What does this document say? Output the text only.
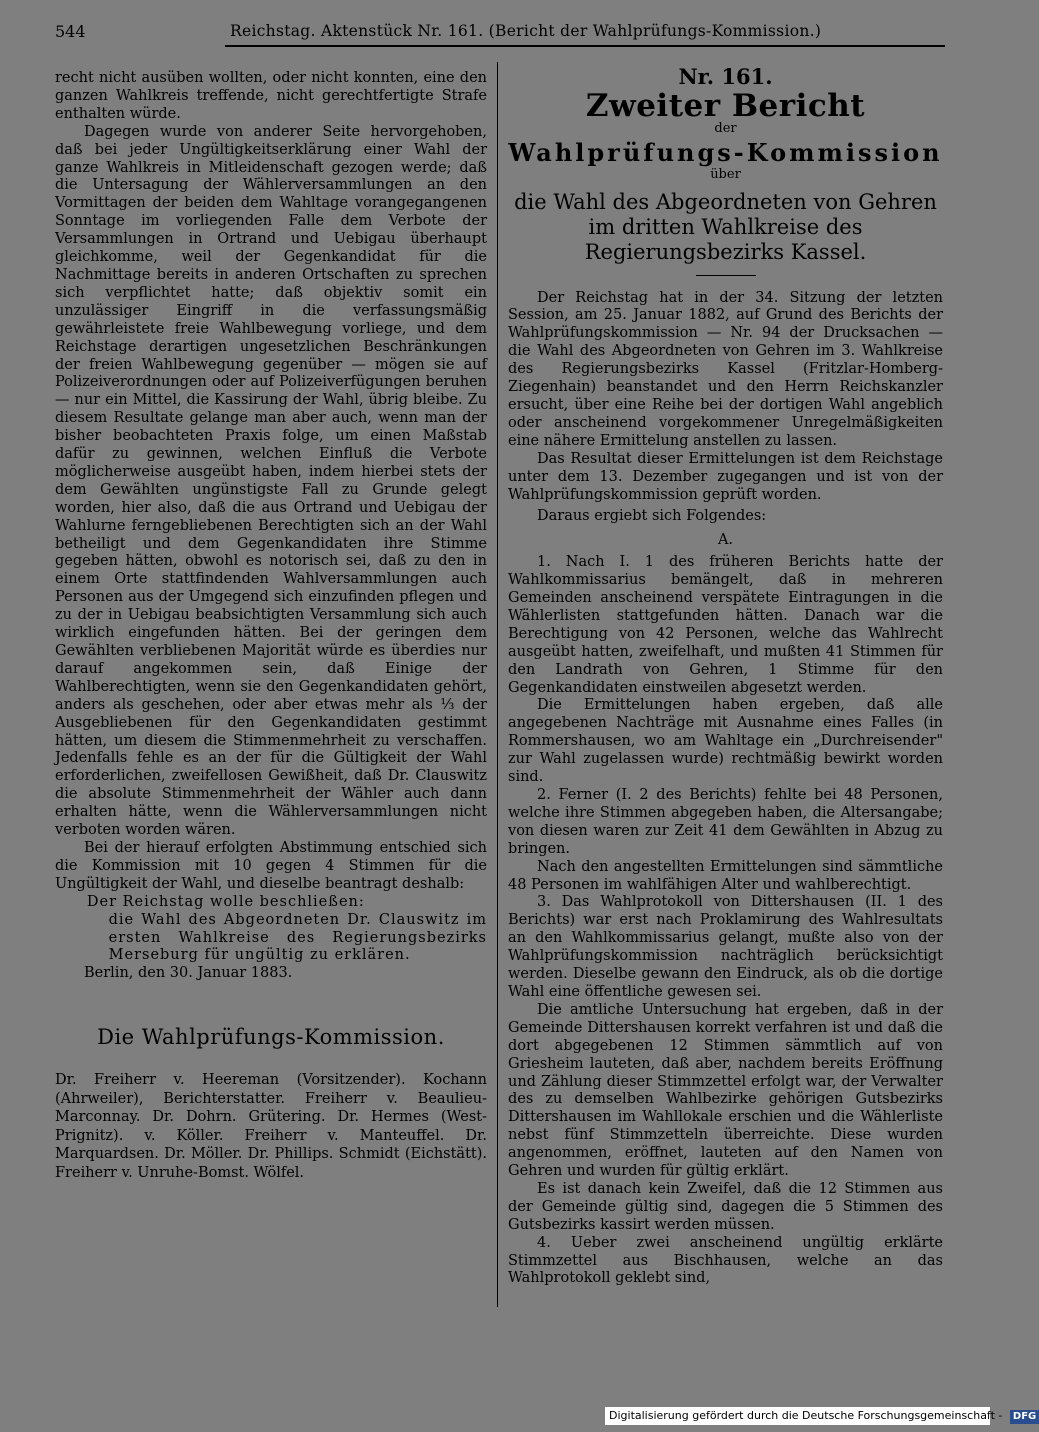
544	Reichstag. Aktenstück Nr. 161. (Bericht der Wahlprüfungs-Kommission.)

recht nicht ausüben wollten, oder nicht konnten, eine den ganzen Wahlkreis treffende, nicht gerechtfertigte Strafe enthalten würde.

Dagegen wurde von anderer Seite hervorgehoben, daß bei jeder Ungültigkeitserklärung einer Wahl der ganze Wahlkreis in Mitleidenschaft gezogen werde; daß die Untersagung der Wählerversammlungen an den Vormittagen der beiden dem Wahltage vorangegangenen Sonntage im vorliegenden Falle dem Verbote der Versammlungen in Ortrand und Uebigau überhaupt gleichkomme, weil der Gegenkandidat für die Nachmittage bereits in anderen Ortschaften zu sprechen sich verpflichtet hatte; daß objektiv somit ein unzulässiger Eingriff in die verfassungsmäßig gewährleistete freie Wahlbewegung vorliege, und dem Reichstage derartigen ungesetzlichen Beschränkungen der freien Wahlbewegung gegenüber — mögen sie auf Polizeiverordnungen oder auf Polizeiverfügungen beruhen — nur ein Mittel, die Kassirung der Wahl, übrig bleibe. Zu diesem Resultate gelange man aber auch, wenn man der bisher beobachteten Praxis folge, um einen Maßstab dafür zu gewinnen, welchen Einfluß die Verbote möglicherweise ausgeübt haben, indem hierbei stets der dem Gewählten ungünstigste Fall zu Grunde gelegt worden, hier also, daß die aus Ortrand und Uebigau der Wahlurne ferngebliebenen Berechtigten sich an der Wahl betheiligt und dem Gegenkandidaten ihre Stimme gegeben hätten, obwohl es notorisch sei, daß zu den in einem Orte stattfindenden Wahlversammlungen auch Personen aus der Umgegend sich einzufinden pflegen und zu der in Uebigau beabsichtigten Versammlung sich auch wirklich eingefunden hätten. Bei der geringen dem Gewählten verbliebenen Majorität würde es überdies nur darauf angekommen sein, daß Einige der Wahlberechtigten, wenn sie den Gegenkandidaten gehört, anders als geschehen, oder aber etwas mehr als ⅓ der Ausgebliebenen für den Gegenkandidaten gestimmt hätten, um diesem die Stimmenmehrheit zu verschaffen. Jedenfalls fehle es an der für die Gültigkeit der Wahl erforderlichen, zweifellosen Gewißheit, daß Dr. Clauswitz die absolute Stimmenmehrheit der Wähler auch dann erhalten hätte, wenn die Wählerversammlungen nicht verboten worden wären.

Bei der hierauf erfolgten Abstimmung entschied sich die Kommission mit 10 gegen 4 Stimmen für die Ungültigkeit der Wahl, und dieselbe beantragt deshalb:

Der Reichstag wolle beschließen:

die Wahl des Abgeordneten Dr. Clauswitz im ersten Wahlkreise des Regierungsbezirks Merseburg für ungültig zu erklären.

Berlin, den 30. Januar 1883.

Die Wahlprüfungs-Kommission.

Dr. Freiherr v. Heereman (Vorsitzender). Kochann (Ahrweiler), Berichterstatter. Freiherr v. Beaulieu-Marconnay. Dr. Dohrn. Grütering. Dr. Hermes (West-Prignitz). v. Köller. Freiherr v. Manteuffel. Dr. Marquardsen. Dr. Möller. Dr. Phillips. Schmidt (Eichstätt). Freiherr v. Unruhe-Bomst. Wölfel.

Nr. 161.
Zweiter Bericht
der
Wahlprüfungs-Kommission
über
die Wahl des Abgeordneten von Gehren im dritten Wahlkreise des Regierungsbezirks Kassel.

Der Reichstag hat in der 34. Sitzung der letzten Session, am 25. Januar 1882, auf Grund des Berichts der Wahlprüfungskommission — Nr. 94 der Drucksachen — die Wahl des Abgeordneten von Gehren im 3. Wahlkreise des Regierungsbezirks Kassel (Fritzlar-Homberg-Ziegenhain) beanstandet und den Herrn Reichskanzler ersucht, über eine Reihe bei der dortigen Wahl angeblich oder anscheinend vorgekommener Unregelmäßigkeiten eine nähere Ermittelung anstellen zu lassen.

Das Resultat dieser Ermittelungen ist dem Reichstage unter dem 13. Dezember zugegangen und ist von der Wahlprüfungskommission geprüft worden.

Daraus ergiebt sich Folgendes:

A.

1. Nach I. 1 des früheren Berichts hatte der Wahlkommissarius bemängelt, daß in mehreren Gemeinden anscheinend verspätete Eintragungen in die Wählerlisten stattgefunden hätten. Danach war die Berechtigung von 42 Personen, welche das Wahlrecht ausgeübt hatten, zweifelhaft, und mußten 41 Stimmen für den Landrath von Gehren, 1 Stimme für den Gegenkandidaten einstweilen abgesetzt werden.

Die Ermittelungen haben ergeben, daß alle angegebenen Nachträge mit Ausnahme eines Falles (in Rommershausen, wo am Wahltage ein „Durchreisender" zur Wahl zugelassen wurde) rechtmäßig bewirkt worden sind.

2. Ferner (I. 2 des Berichts) fehlte bei 48 Personen, welche ihre Stimmen abgegeben haben, die Altersangabe; von diesen waren zur Zeit 41 dem Gewählten in Abzug zu bringen.

Nach den angestellten Ermittelungen sind sämmtliche 48 Personen im wahlfähigen Alter und wahlberechtigt.

3. Das Wahlprotokoll von Dittershausen (II. 1 des Berichts) war erst nach Proklamirung des Wahlresultats an den Wahlkommissarius gelangt, mußte also von der Wahlprüfungskommission nachträglich berücksichtigt werden. Dieselbe gewann den Eindruck, als ob die dortige Wahl eine öffentliche gewesen sei.

Die amtliche Untersuchung hat ergeben, daß in der Gemeinde Dittershausen korrekt verfahren ist und daß die dort abgegebenen 12 Stimmen sämmtlich auf von Griesheim lauteten, daß aber, nachdem bereits Eröffnung und Zählung dieser Stimmzettel erfolgt war, der Verwalter des zu demselben Wahlbezirke gehörigen Gutsbezirks Dittershausen im Wahllokale erschien und die Wählerliste nebst fünf Stimmzetteln überreichte. Diese wurden angenommen, eröffnet, lauteten auf den Namen von Gehren und wurden für gültig erklärt.

Es ist danach kein Zweifel, daß die 12 Stimmen aus der Gemeinde gültig sind, dagegen die 5 Stimmen des Gutsbezirks kassirt werden müssen.

4. Ueber zwei anscheinend ungültig erklärte Stimmzettel aus Bischhausen, welche an das Wahlprotokoll geklebt sind,

Digitalisierung gefördert durch die Deutsche Forschungsgemeinschaft - DFG
